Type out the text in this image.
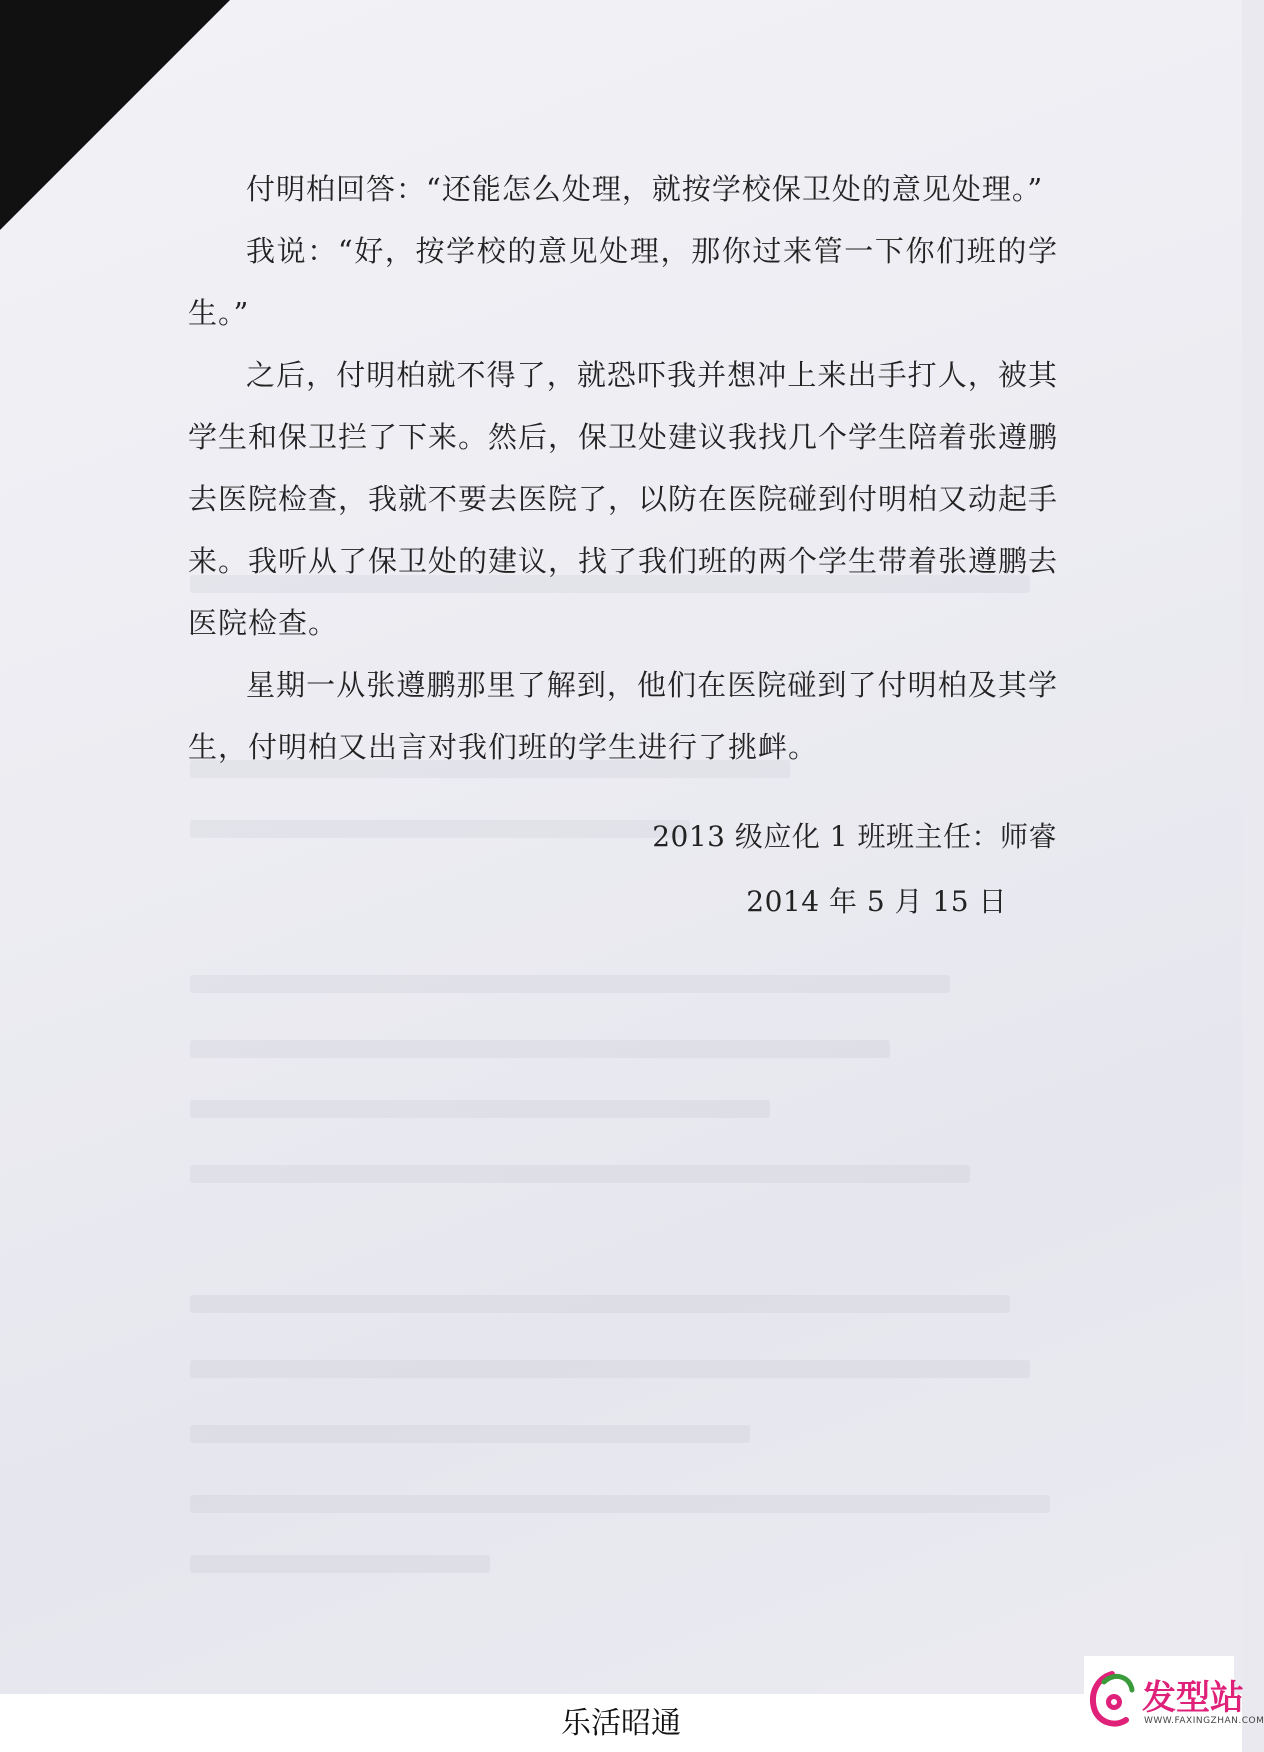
付明柏回答：“还能怎么处理，就按学校保卫处的意见处理。”

我说：“好，按学校的意见处理，那你过来管一下你们班的学生。”

之后，付明柏就不得了，就恐吓我并想冲上来出手打人，被其学生和保卫拦了下来。然后，保卫处建议我找几个学生陪着张遵鹏去医院检查，我就不要去医院了，以防在医院碰到付明柏又动起手来。我听从了保卫处的建议，找了我们班的两个学生带着张遵鹏去医院检查。

星期一从张遵鹏那里了解到，他们在医院碰到了付明柏及其学生，付明柏又出言对我们班的学生进行了挑衅。

2013 级应化 1 班班主任：师睿
2014 年 5 月 15 日
乐活昭通
发型站
WWW.FAXINGZHAN.COM
